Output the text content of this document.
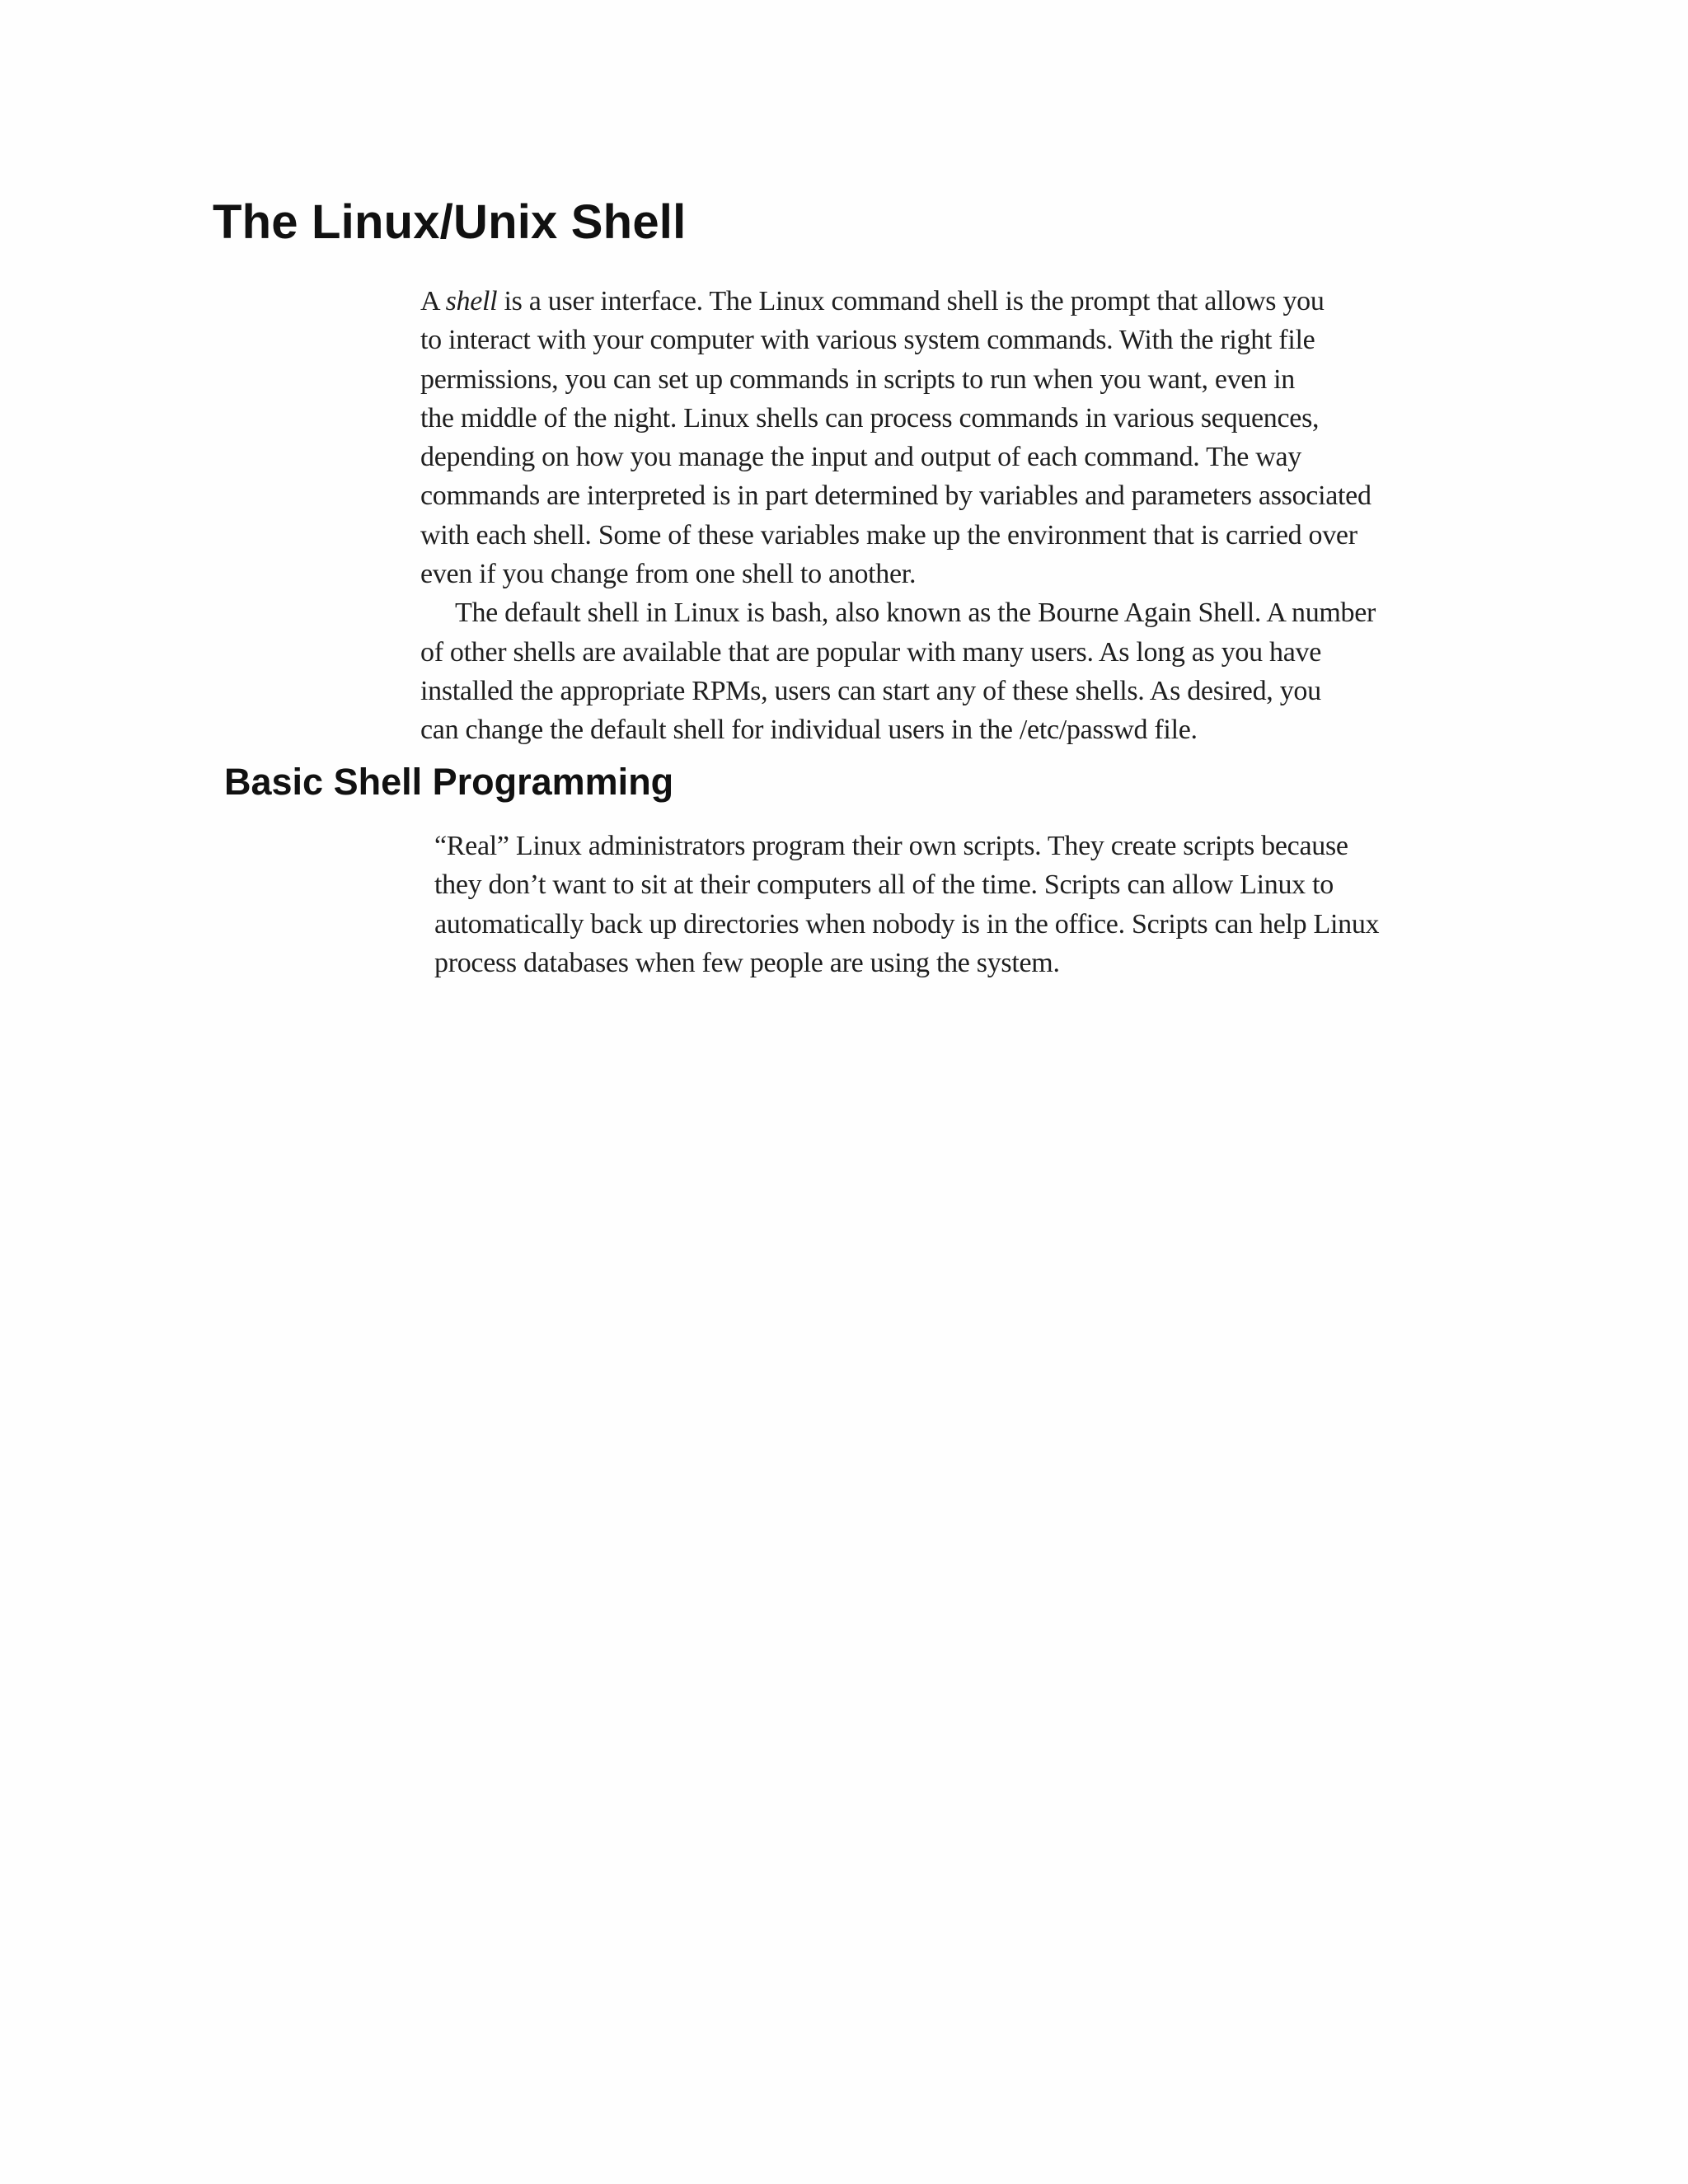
The Linux/Unix Shell
A shell is a user interface. The Linux command shell is the prompt that allows you
to interact with your computer with various system commands. With the right file
permissions, you can set up commands in scripts to run when you want, even in
the middle of the night. Linux shells can process commands in various sequences,
depending on how you manage the input and output of each command. The way
commands are interpreted is in part determined by variables and parameters associated
with each shell. Some of these variables make up the environment that is carried over
even if you change from one shell to another.
The default shell in Linux is bash, also known as the Bourne Again Shell. A number
of other shells are available that are popular with many users. As long as you have
installed the appropriate RPMs, users can start any of these shells. As desired, you
can change the default shell for individual users in the /etc/passwd file.
Basic Shell Programming
“Real” Linux administrators program their own scripts. They create scripts because
they don’t want to sit at their computers all of the time. Scripts can allow Linux to
automatically back up directories when nobody is in the office. Scripts can help Linux
process databases when few people are using the system.
